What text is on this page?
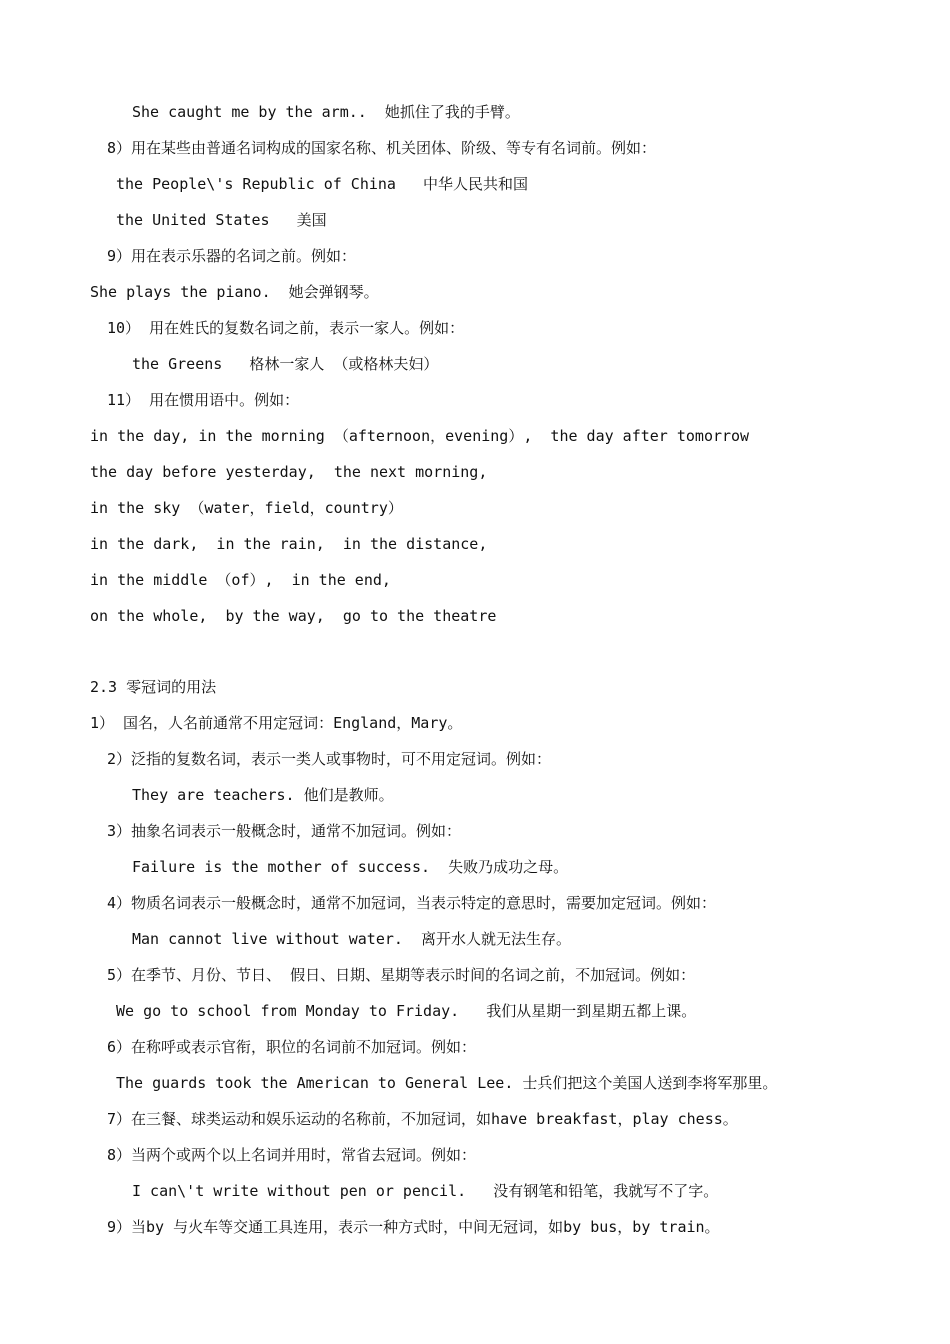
She caught me by the arm..  她抓住了我的手臂。
8）用在某些由普通名词构成的国家名称、机关团体、阶级、等专有名词前。例如：
the People\'s Republic of China   中华人民共和国
the United States   美国
9）用在表示乐器的名词之前。例如：
She plays the piano.  她会弹钢琴。
10） 用在姓氏的复数名词之前，表示一家人。例如：
the Greens   格林一家人 （或格林夫妇）
11） 用在惯用语中。例如：
in the day, in the morning （afternoon，evening）,  the day after tomorrow
the day before yesterday,  the next morning,
in the sky （water，field，country）
in the dark,  in the rain,  in the distance,
in the middle （of）,  in the end,
on the whole,  by the way,  go to the theatre
2.3 零冠词的用法
1） 国名，人名前通常不用定冠词：England，Mary。
2）泛指的复数名词，表示一类人或事物时，可不用定冠词。例如：
They are teachers. 他们是教师。
3）抽象名词表示一般概念时，通常不加冠词。例如：
Failure is the mother of success.  失败乃成功之母。
4）物质名词表示一般概念时，通常不加冠词，当表示特定的意思时，需要加定冠词。例如：
Man cannot live without water.  离开水人就无法生存。
5）在季节、月份、节日、 假日、日期、星期等表示时间的名词之前，不加冠词。例如：
We go to school from Monday to Friday.   我们从星期一到星期五都上课。
6）在称呼或表示官衔，职位的名词前不加冠词。例如：
The guards took the American to General Lee. 士兵们把这个美国人送到李将军那里。
7）在三餐、球类运动和娱乐运动的名称前，不加冠词，如have breakfast，play chess。
8）当两个或两个以上名词并用时，常省去冠词。例如：
I can\'t write without pen or pencil.   没有钢笔和铅笔，我就写不了字。
9）当by 与火车等交通工具连用，表示一种方式时，中间无冠词，如by bus，by train。
